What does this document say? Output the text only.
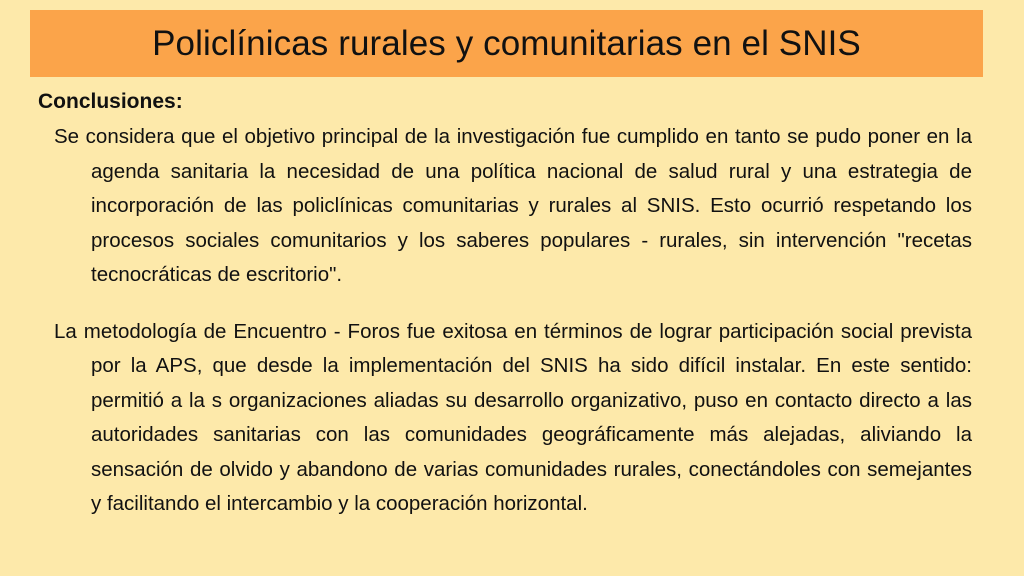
Policlínicas rurales y comunitarias en el SNIS
Conclusiones:

Se considera que el objetivo principal de la investigación fue cumplido en tanto se pudo poner en la agenda sanitaria la necesidad de una política nacional de salud rural y una estrategia de incorporación de las policlínicas comunitarias y rurales al SNIS. Esto ocurrió respetando los procesos sociales comunitarios y los saberes populares - rurales, sin intervención "recetas tecnocráticas de escritorio".

La metodología de Encuentro - Foros fue exitosa en términos de lograr participación social prevista por la APS, que desde la implementación del SNIS ha sido difícil instalar. En este sentido: permitió a la s organizaciones aliadas su desarrollo organizativo, puso en contacto directo a las autoridades sanitarias con las comunidades geográficamente más alejadas, aliviando la sensación de olvido y abandono de varias comunidades rurales, conectándoles con semejantes y facilitando el intercambio y la cooperación horizontal.
